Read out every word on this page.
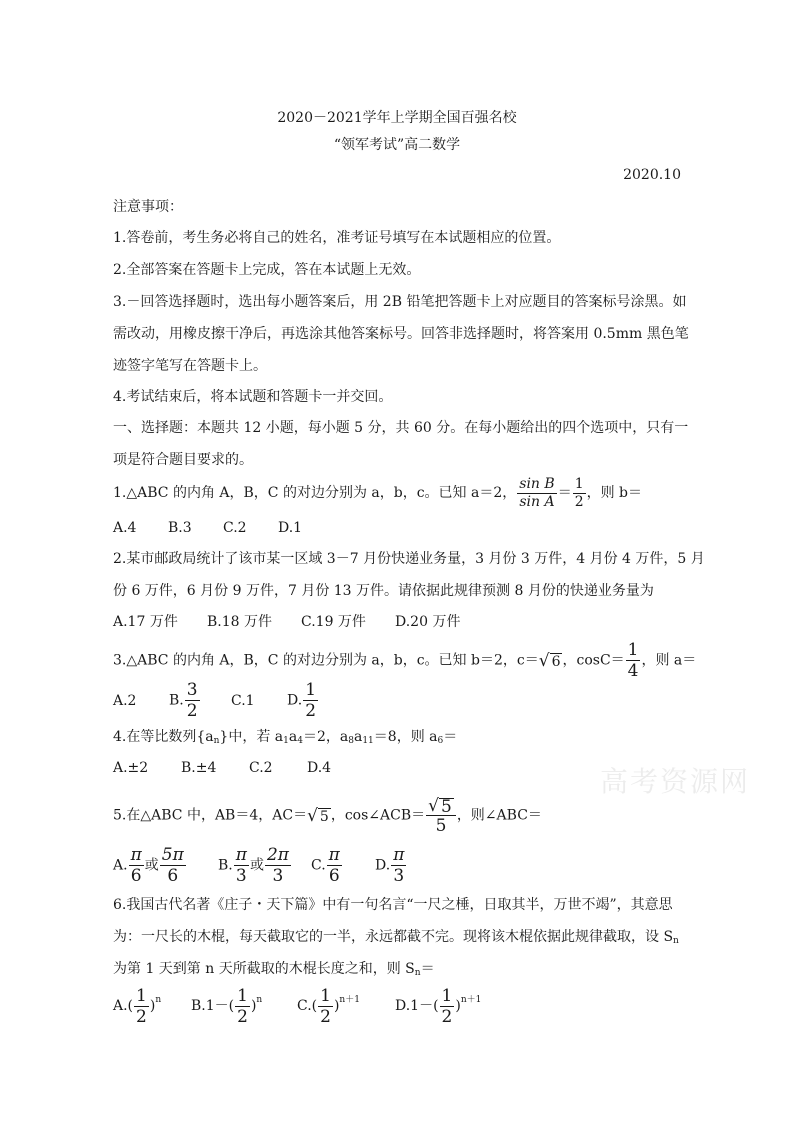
2020－2021学年上学期全国百强名校
“领军考试”高二数学
2020.10
注意事项：
1.答卷前，考生务必将自己的姓名，准考证号填写在本试题相应的位置。
2.全部答案在答题卡上完成，答在本试题上无效。
3.－回答选择题时，选出每小题答案后，用 2B 铅笔把答题卡上对应题目的答案标号涂黑。如
需改动，用橡皮擦干净后，再选涂其他答案标号。回答非选择题时，将答案用 0.5mm 黑色笔
迹签字笔写在答题卡上。
4.考试结束后，将本试题和答题卡一并交回。
一、选择题：本题共 12 小题，每小题 5 分，共 60 分。在每小题给出的四个选项中，只有一
项是符合题目要求的。
1.△ABC 的内角 A，B，C 的对边分别为 a，b，c。已知 a＝2， $\frac{\text{sin B}}{\text{sin A}} = \frac{1}{2}$ ，则 b＝
A.4 B.3 C.2 D.1
2.某市邮政局统计了该市某一区域 3－7 月份快递业务量，3 月份 3 万件，4 月份 4 万件，5 月
份 6 万件，6 月份 9 万件，7 月份 13 万件。请依据此规律预测 8 月份的快递业务量为
A.17 万件 B.18 万件 C.19 万件 D.20 万件
3.△ABC 的内角 A，B，C 的对边分别为 a，b，c。已知 b＝2，c＝ √ 6 ，$\cos C= \frac{1}{4}$ ，则 a＝
A.2 B. $\frac{3}{2} C.1$ D. $\frac{1}{2}$
4.在等比数列$\{a_n\}$中，若 $a_1a_4=2$，$a_8a_{11}=8$，则 $a_6=$
A.±2 B.±4 C.2 D.4	高考资源网
5.在△ABC 中，AB＝4，AC＝ √ 5 ，cos∠ACB＝ $\frac{√ 5}{5}$ ，则∠ABC＝
A. $\frac{\pi}{6}$ 或 $\frac{5\pi}{6} B$. $\frac{\pi}{3}$ 或 $\frac{2\pi}{3} C$. $\frac{\pi}{6} D$. $\frac{\pi}{3}$
6.我国古代名著《庄子・天下篇》中有一句名言“一尺之棰，日取其半，万世不竭”，其意思
为：一尺长的木棍，每天截取它的一半，永远都截不完。现将该木棍依据此规律截取，设 $S_n$
为第 1 天到第 n 天所截取的木棍长度之和，则 $S_n=$
$A.( \frac{1}{2} )^n$ $B.1-( \frac{1}{2} )^n$ $C.( \frac{1}{2} )^{n+1}$	$D.1-( \frac{1}{2} )^{n+1}$
